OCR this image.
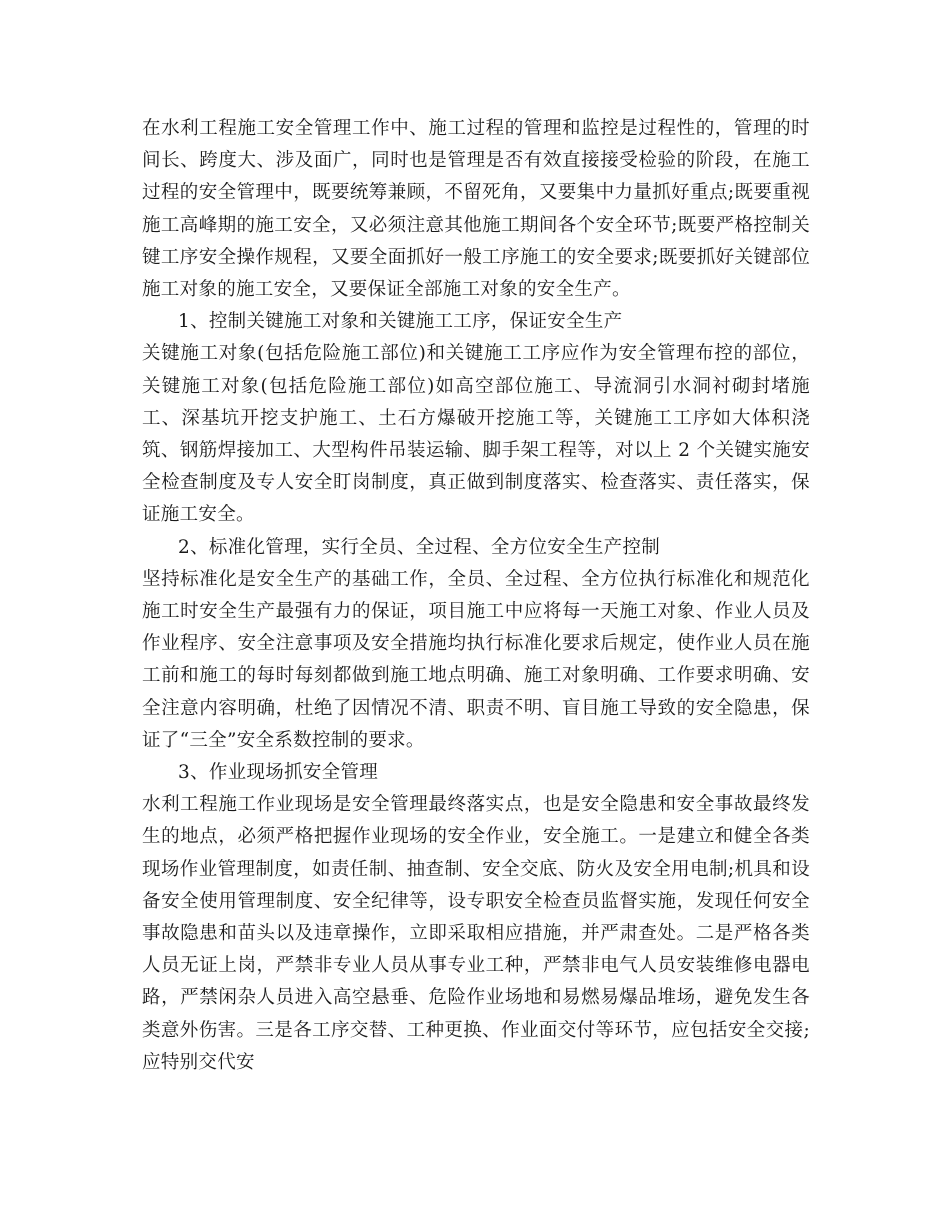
在水利工程施工安全管理工作中、施工过程的管理和监控是过程性的，管理的时间长、跨度大、涉及面广，同时也是管理是否有效直接接受检验的阶段，在施工过程的安全管理中，既要统筹兼顾，不留死角，又要集中力量抓好重点;既要重视施工高峰期的施工安全，又必须注意其他施工期间各个安全环节;既要严格控制关键工序安全操作规程，又要全面抓好一般工序施工的安全要求;既要抓好关键部位施工对象的施工安全，又要保证全部施工对象的安全生产。

1、控制关键施工对象和关键施工工序，保证安全生产

关键施工对象(包括危险施工部位)和关键施工工序应作为安全管理布控的部位，关键施工对象(包括危险施工部位)如高空部位施工、导流洞引水洞衬砌封堵施工、深基坑开挖支护施工、土石方爆破开挖施工等，关键施工工序如大体积浇筑、钢筋焊接加工、大型构件吊装运输、脚手架工程等，对以上 2 个关键实施安全检查制度及专人安全盯岗制度，真正做到制度落实、检查落实、责任落实，保证施工安全。

2、标准化管理，实行全员、全过程、全方位安全生产控制

坚持标准化是安全生产的基础工作，全员、全过程、全方位执行标准化和规范化施工时安全生产最强有力的保证，项目施工中应将每一天施工对象、作业人员及作业程序、安全注意事项及安全措施均执行标准化要求后规定，使作业人员在施工前和施工的每时每刻都做到施工地点明确、施工对象明确、工作要求明确、安全注意内容明确，杜绝了因情况不清、职责不明、盲目施工导致的安全隐患，保证了“三全”安全系数控制的要求。

3、作业现场抓安全管理

水利工程施工作业现场是安全管理最终落实点，也是安全隐患和安全事故最终发生的地点，必须严格把握作业现场的安全作业，安全施工。一是建立和健全各类现场作业管理制度，如责任制、抽查制、安全交底、防火及安全用电制;机具和设备安全使用管理制度、安全纪律等，设专职安全检查员监督实施，发现任何安全事故隐患和苗头以及违章操作，立即采取相应措施，并严肃查处。二是严格各类人员无证上岗，严禁非专业人员从事专业工种，严禁非电气人员安装维修电器电路，严禁闲杂人员进入高空悬垂、危险作业场地和易燃易爆品堆场，避免发生各类意外伤害。三是各工序交替、工种更换、作业面交付等环节，应包括安全交接;应特别交代安
